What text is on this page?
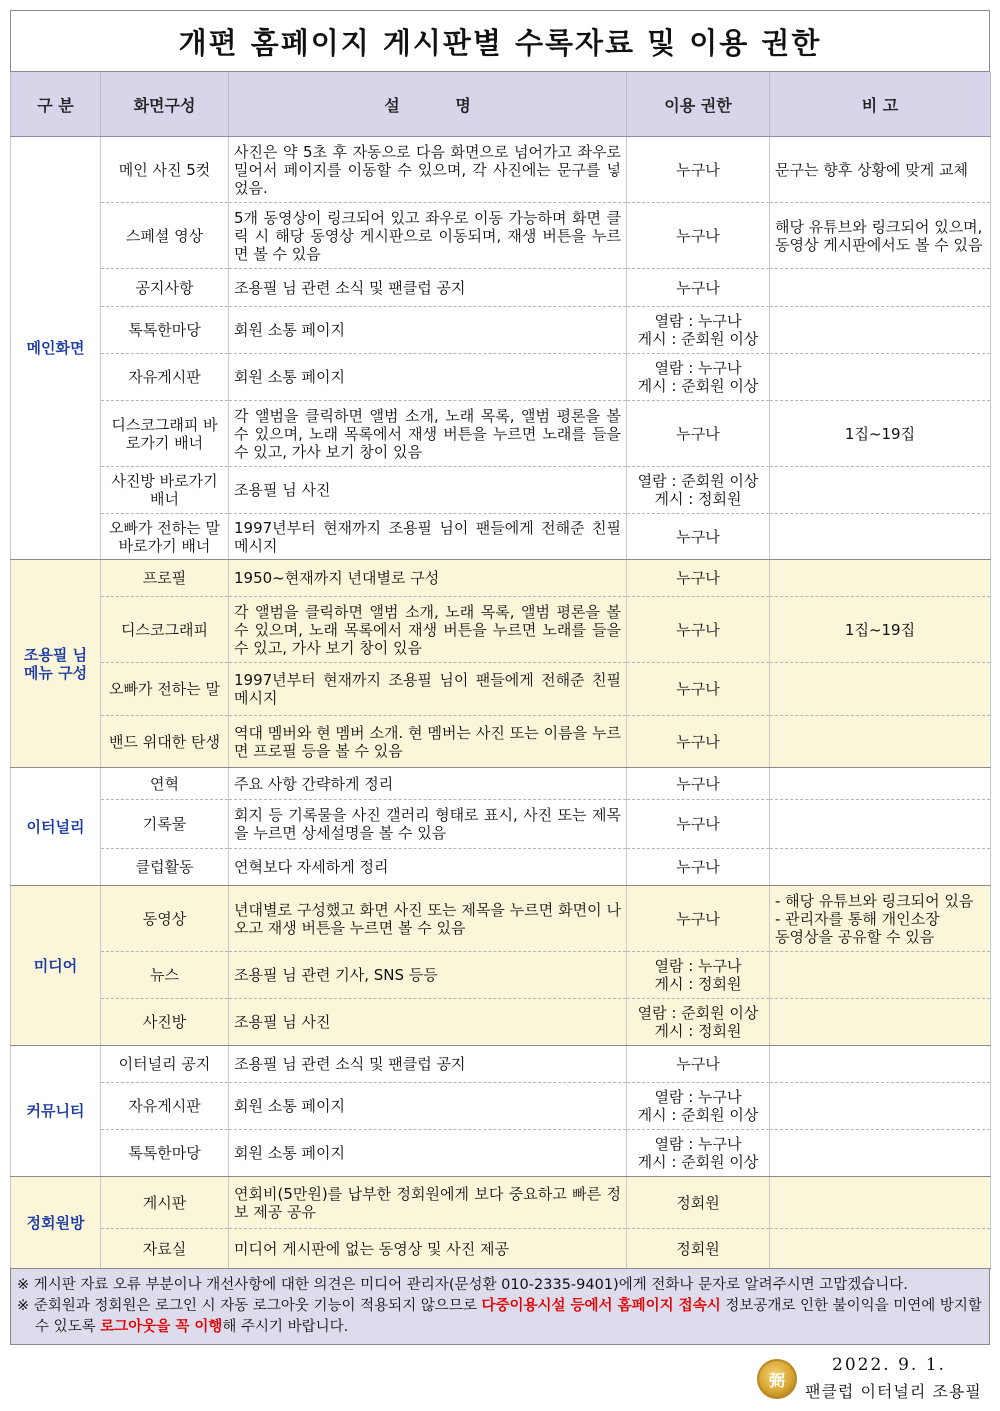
개편 홈페이지 게시판별 수록자료 및 이용 권한
구 분	화면구성	설          명	이용 권한	비 고
메인화면	메인 사진 5컷	사진은 약 5초 후 자동으로 다음 화면으로 넘어가고 좌우로 밀어서 페이지를 이동할 수 있으며, 각 사진에는 문구를 넣었음.	누구나	문구는 향후 상황에 맞게 교체
	스페셜 영상	5개 동영상이 링크되어 있고 좌우로 이동 가능하며 화면 클릭 시 해당 동영상 게시판으로 이동되며, 재생 버튼을 누르면 볼 수 있음	누구나	해당 유튜브와 링크되어 있으며, 동영상 게시판에서도 볼 수 있음
	공지사항	조용필 님 관련 소식 및 팬클럽 공지	누구나	

	톡톡한마당	회원 소통 페이지	열람 : 누구나
게시 : 준회원 이상	

	자유게시판	회원 소통 페이지	열람 : 누구나
게시 : 준회원 이상	

	디스코그래피 바로가기 배너	각 앨범을 클릭하면 앨범 소개, 노래 목록, 앨범 평론을 볼 수 있으며, 노래 목록에서 재생 버튼을 누르면 노래를 들을 수 있고, 가사 보기 창이 있음	누구나	1집~19집
	사진방 바로가기 배너	조용필 님 사진	열람 : 준회원 이상
게시 : 정회원	

	오빠가 전하는 말 바로가기 배너	1997년부터 현재까지 조용필 님이 팬들에게 전해준 친필 메시지	누구나	

조용필 님 메뉴 구성	프로필	1950~현재까지 년대별로 구성	누구나	

	디스코그래피	각 앨범을 클릭하면 앨범 소개, 노래 목록, 앨범 평론을 볼 수 있으며, 노래 목록에서 재생 버튼을 누르면 노래를 들을 수 있고, 가사 보기 창이 있음	누구나	1집~19집
	오빠가 전하는 말	1997년부터 현재까지 조용필 님이 팬들에게 전해준 친필 메시지	누구나	

	밴드 위대한 탄생	역대 멤버와 현 멤버 소개. 현 멤버는 사진 또는 이름을 누르면 프로필 등을 볼 수 있음	누구나	

이터널리	연혁	주요 사항 간략하게 정리	누구나	

	기록물	회지 등 기록물을 사진 갤러리 형태로 표시, 사진 또는 제목을 누르면 상세설명을 볼 수 있음	누구나	

	클럽활동	연혁보다 자세하게 정리	누구나	

미디어	동영상	년대별로 구성했고 화면 사진 또는 제목을 누르면 화면이 나오고 재생 버튼을 누르면 볼 수 있음	누구나	- 해당 유튜브와 링크되어 있음
- 관리자를 통해 개인소장
동영상을 공유할 수 있음
	뉴스	조용필 님 관련 기사, SNS 등등	열람 : 누구나
게시 : 정회원	

	사진방	조용필 님 사진	열람 : 준회원 이상
게시 : 정회원	

커뮤니티	이터널리 공지	조용필 님 관련 소식 및 팬클럽 공지	누구나	

	자유게시판	회원 소통 페이지	열람 : 누구나
게시 : 준회원 이상	

	톡톡한마당	회원 소통 페이지	열람 : 누구나
게시 : 준회원 이상	

정회원방	게시판	연회비(5만원)를 납부한 정회원에게 보다 중요하고 빠른 정보 제공 공유	정회원	

	자료실	미디어 게시판에 없는 동영상 및 사진 제공	정회원	

※ 게시판 자료 오류 부분이나 개선사항에 대한 의견은 미디어 관리자(문성환 010-2335-9401)에게 전화나 문자로 알려주시면 고맙겠습니다.

※ 준회원과 정회원은 로그인 시 자동 로그아웃 기능이 적용되지 않으므로 다중이용시설 등에서 홈페이지 접속시 정보공개로 인한 불이익을 미연에 방지할 수 있도록 로그아웃을 꼭 이행해 주시기 바랍니다.

弼
2022. 9. 1.
팬클럽 이터널리 조용필
